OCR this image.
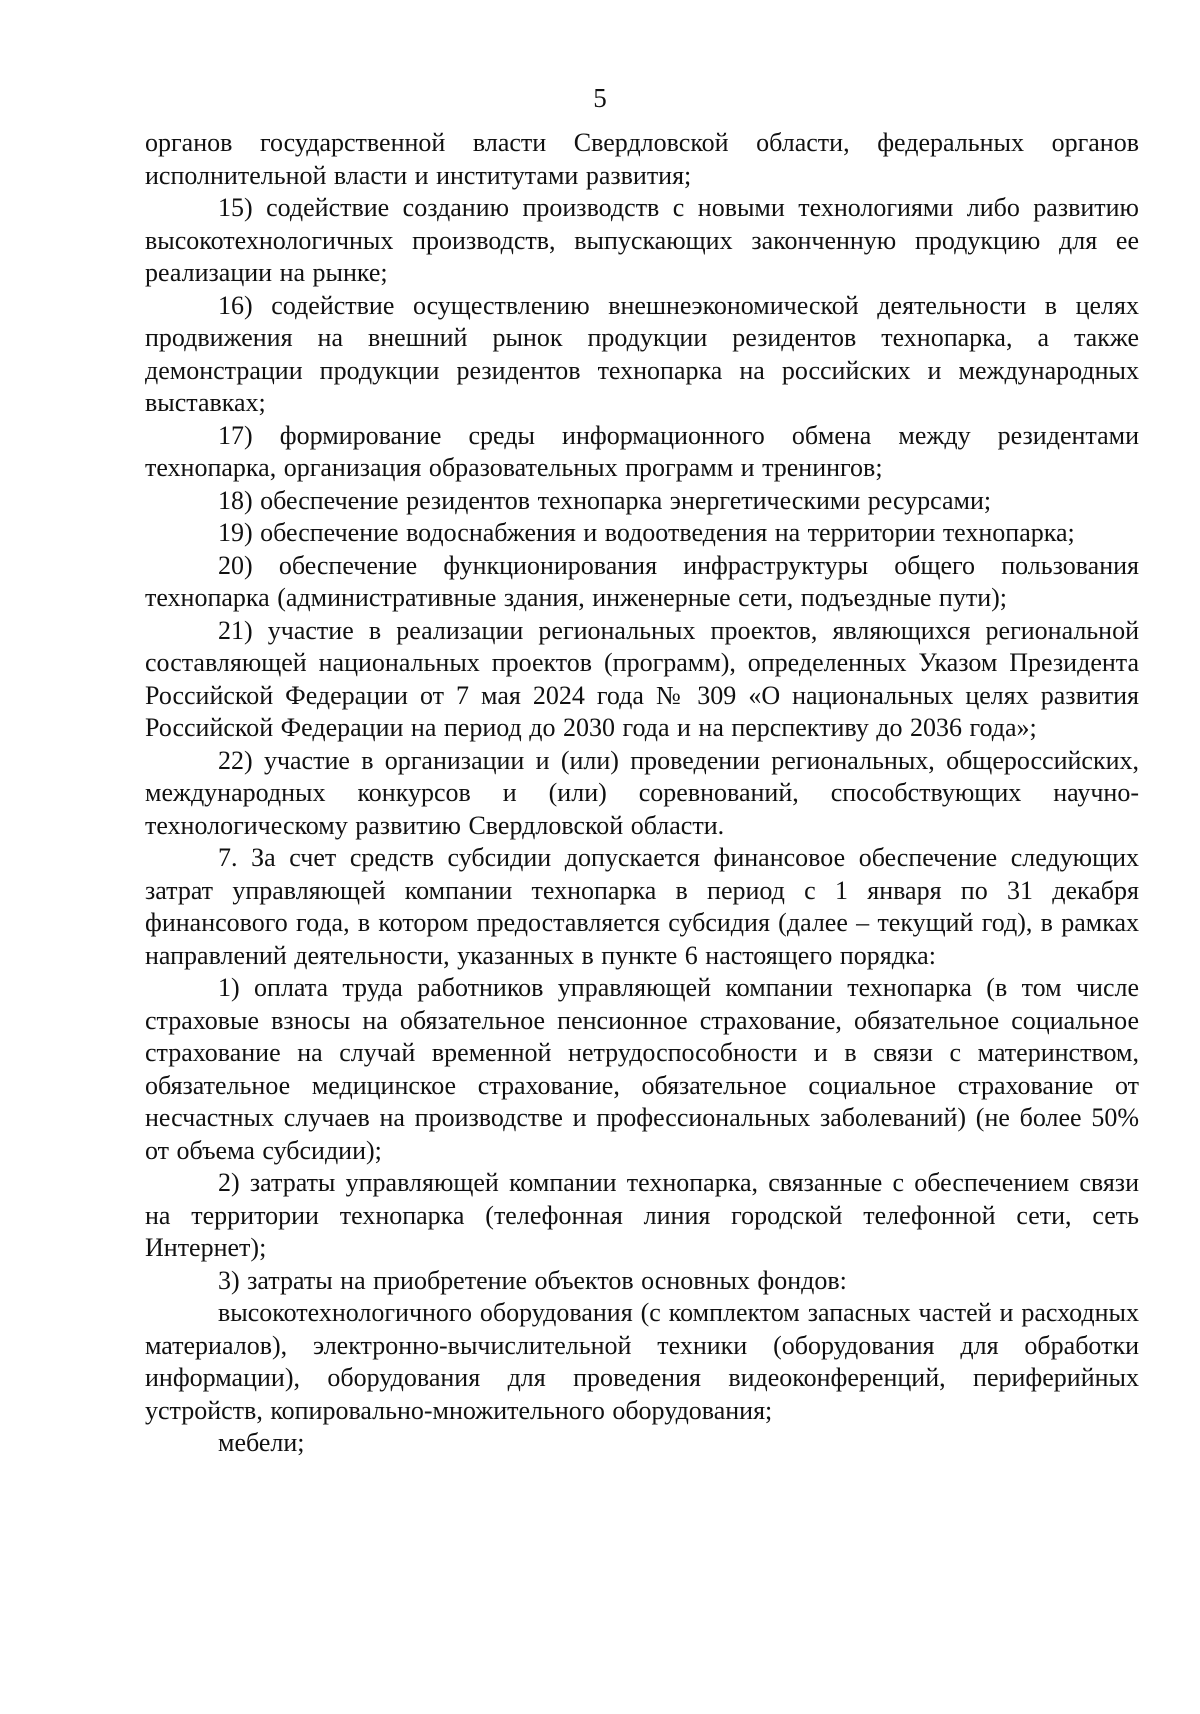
5

органов государственной власти Свердловской области, федеральных органов исполнительной власти и институтами развития;

15) содействие созданию производств с новыми технологиями либо развитию высокотехнологичных производств, выпускающих законченную продукцию для ее реализации на рынке;

16) содействие осуществлению внешнеэкономической деятельности в целях продвижения на внешний рынок продукции резидентов технопарка, а также демонстрации продукции резидентов технопарка на российских и международных выставках;

17) формирование среды информационного обмена между резидентами технопарка, организация образовательных программ и тренингов;

18) обеспечение резидентов технопарка энергетическими ресурсами;

19) обеспечение водоснабжения и водоотведения на территории технопарка;

20) обеспечение функционирования инфраструктуры общего пользования технопарка (административные здания, инженерные сети, подъездные пути);

21) участие в реализации региональных проектов, являющихся региональной составляющей национальных проектов (программ), определенных Указом Президента Российской Федерации от 7 мая 2024 года № 309 «О национальных целях развития Российской Федерации на период до 2030 года и на перспективу до 2036 года»;

22) участие в организации и (или) проведении региональных, общероссийских, международных конкурсов и (или) соревнований, способствующих научно-технологическому развитию Свердловской области.

7. За счет средств субсидии допускается финансовое обеспечение следующих затрат управляющей компании технопарка в период с 1 января по 31 декабря финансового года, в котором предоставляется субсидия (далее – текущий год), в рамках направлений деятельности, указанных в пункте 6 настоящего порядка:

1) оплата труда работников управляющей компании технопарка (в том числе страховые взносы на обязательное пенсионное страхование, обязательное социальное страхование на случай временной нетрудоспособности и в связи с материнством, обязательное медицинское страхование, обязательное социальное страхование от несчастных случаев на производстве и профессиональных заболеваний) (не более 50% от объема субсидии);

2) затраты управляющей компании технопарка, связанные с обеспечением связи на территории технопарка (телефонная линия городской телефонной сети, сеть Интернет);

3) затраты на приобретение объектов основных фондов:

высокотехнологичного оборудования (с комплектом запасных частей и расходных материалов), электронно-вычислительной техники (оборудования для обработки информации), оборудования для проведения видеоконференций, периферийных устройств, копировально-множительного оборудования;

мебели;
